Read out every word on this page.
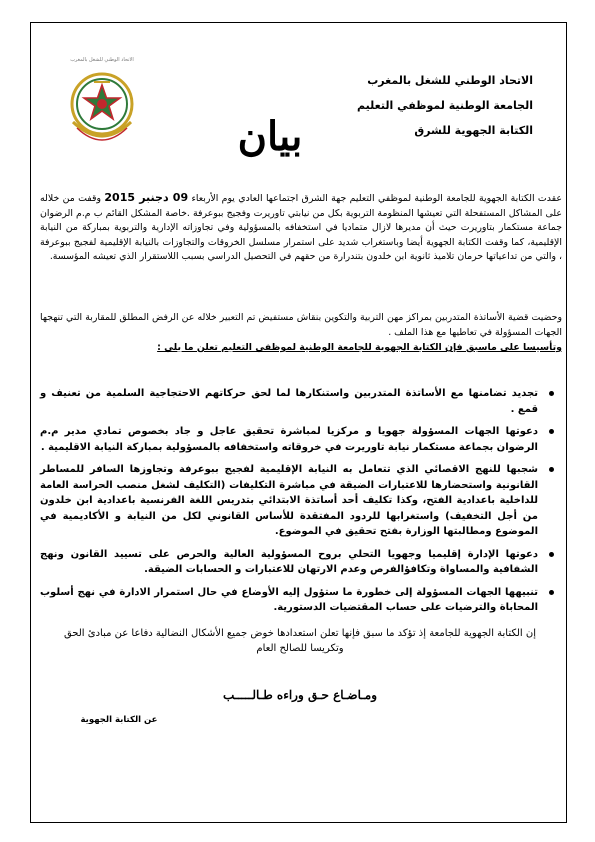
الاتحاد الوطني للشغل بالمغرب
الجامعة الوطنية لموظفي التعليم
الكتابة الجهوية للشرق
الاتحاد الوطني للشغل بالمغرب
بيان

عقدت الكتابة الجهوية للجامعة الوطنية لموظفي التعليم جهة الشرق اجتماعها العادي يوم الأربعاء 09 دجنبر 2015 وقفت من خلاله على المشاكل المستفحلة التي تعيشها المنظومة التربوية بكل من نيابتي تاوريرت وفجيج ببوعرفة .خاصة المشكل القائم ب م.م الرضوان جماعة مستكمار بتاوريرت حيث أن مديرها لازال متماديا في استخفافه بالمسؤولية وفي تجاوزاته الإدارية والتربوية بمباركة من النيابة الإقليمية، كما وقفت الكتابة الجهوية أيضا وباستغراب شديد على استمرار مسلسل الخروقات والتجاوزات بالنيابة الإقليمية لفجيج ببوعرفة ، والتي من تداعياتها حرمان تلاميذ ثانوية ابن خلدون بتندرارة من حقهم في التحصيل الدراسي بسبب اللاستقرار الذي تعيشه المؤسسة.

وحضيت قضية الأساتذة المتدربين بمراكز مهن التربية والتكوين بنقاش مستفيض تم التعبير خلاله عن الرفض المطلق للمقاربة التي تنهجها الجهات المسؤولة في تعاطيها مع هذا الملف .

وتأسيسا على ماسبق فإن الكتابة الجهوية للجامعة الوطنية لموظفي التعليم تعلن ما يلي :

تجديد تضامنها مع الأساتذة المتدربين واستنكارها لما لحق حركاتهم الاحتجاجية السلمية من تعنيف و قمع .
دعوتها الجهات المسؤولة جهويا و مركزيا لمباشرة تحقيق عاجل و جاد بخصوص تمادي مدير م.م الرضوان بجماعة مستكمار نيابة تاوريرت في خروقاته واستخفافه بالمسؤولية بمباركة النيابة الاقليمية .
شجبها للنهج الاقصائي الذي تتعامل به النيابة الإقليمية لفجيج ببوعرفة وتجاوزها السافر للمساطر القانونية واستحضارها للاعتبارات الضيقة في مباشرة التكليفات (التكليف لشغل منصب الحراسة العامة للداخلية باعدادية الفتح، وكذا تكليف أحد أساتذة الابتدائي بتدريس اللغة الفرنسية باعدادية ابن خلدون من أجل التخفيف) واستغرابها للردود المفتقدة للأساس القانوني لكل من النيابة و الأكاديمية في الموضوع ومطالبتها الوزارة بفتح تحقيق في الموضوع.
دعوتها الإدارة إقليميا وجهويا التحلي بروح المسؤولية العالية والحرص على تسييد القانون ونهج الشفافية والمساواة وتكافؤالفرص وعدم الارتهان للاعتبارات و الحسابات الضيقة.
تنبيهها الجهات المسؤولة إلى خطورة ما ستؤول إليه الأوضاع في حال استمرار الادارة في نهج أسلوب المحاباة والترضيات على حساب المقتضيات الدستورية.
إن الكتابة الجهوية للجامعة إذ تؤكد ما سبق فإنها تعلن استعدادها خوض جميع الأشكال النضالية دفاعا عن مبادئ الحق وتكريسا للصالح العام
ومـاضـاع حـق وراءه طـالـــــب
عن الكتابة الجهوية
